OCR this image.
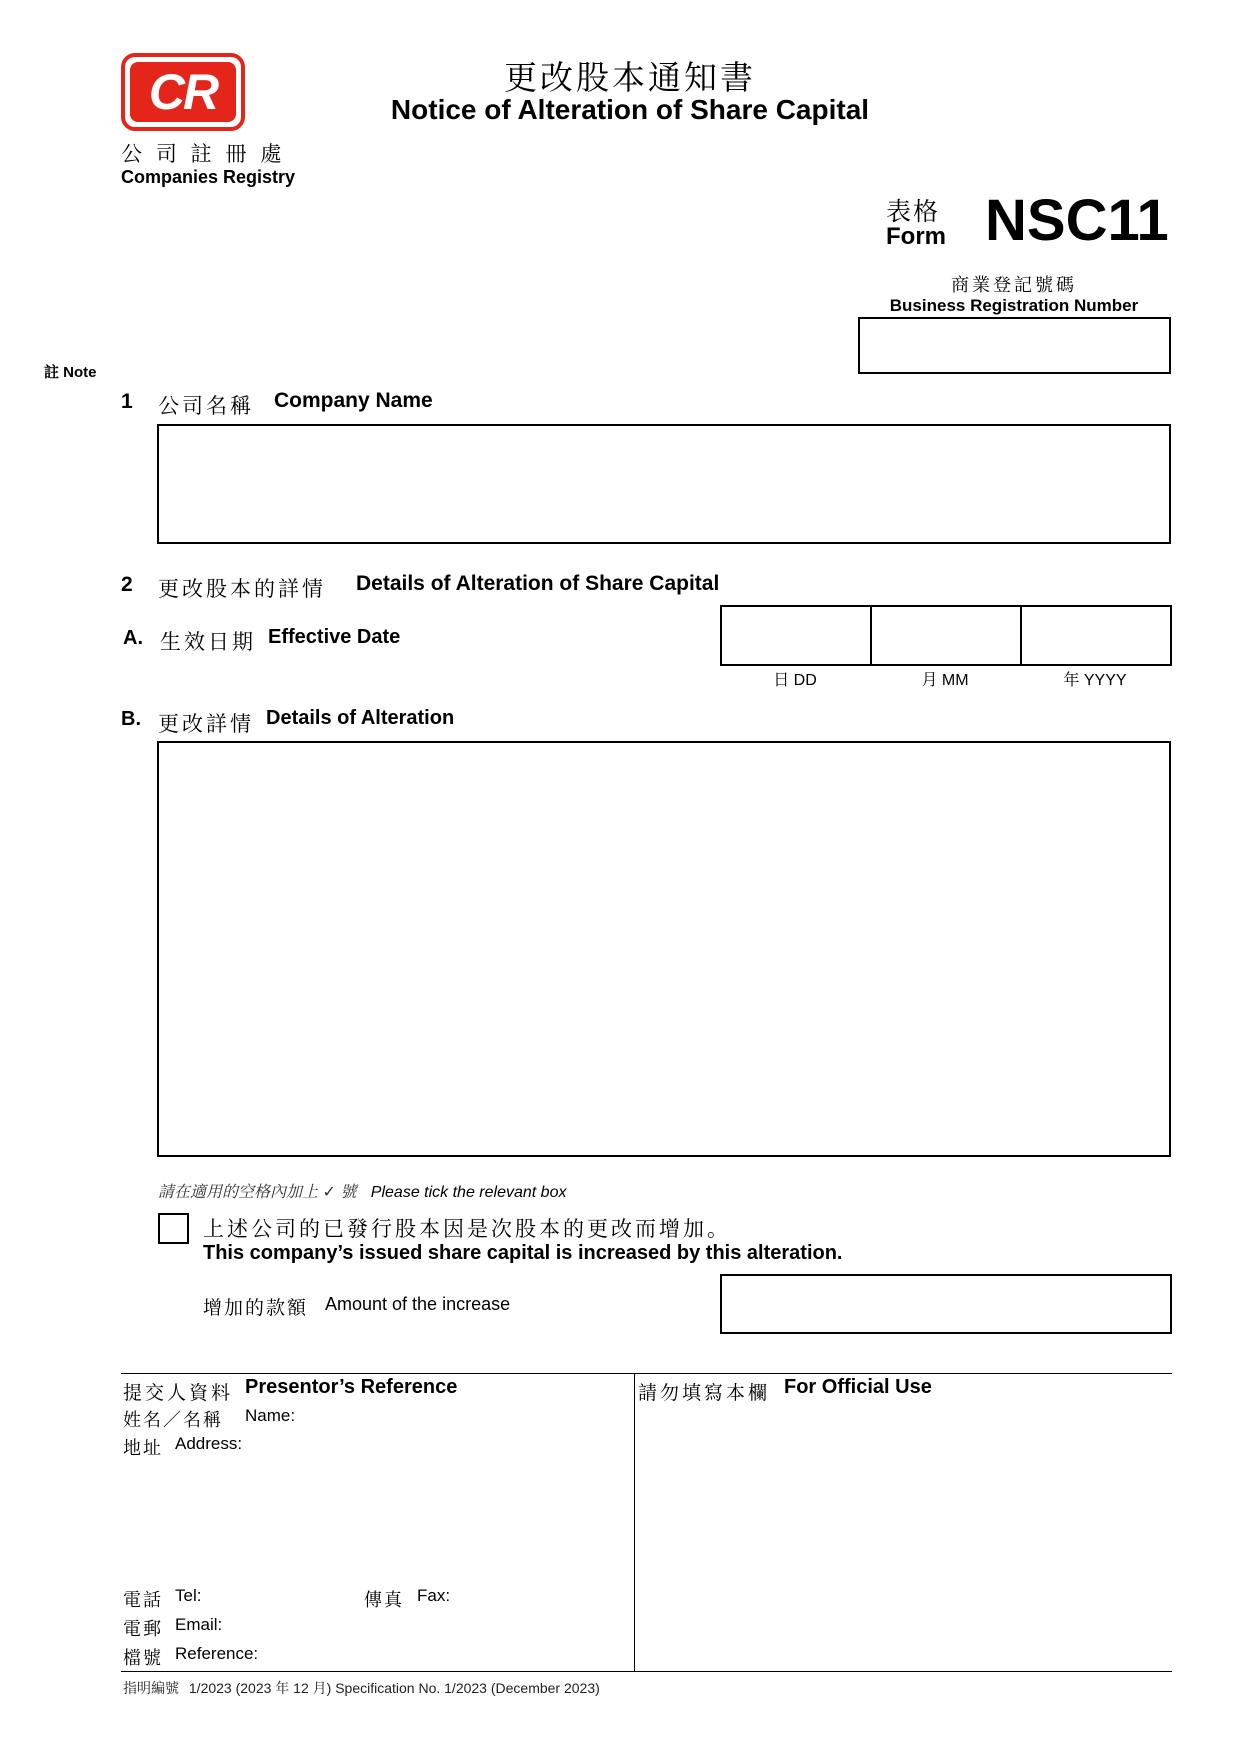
CR
公 司 註 冊 處
Companies Registry
更改股本通知書
Notice of Alteration of Share Capital
表格
Form NSC11
商業登記號碼
Business Registration Number
註 Note
1 公司名稱 Company Name
2 更改股本的詳情 Details of Alteration of Share Capital
A. 生效日期 Effective Date
日 DD	月 MM	年 YYYY
B. 更改詳情 Details of Alteration
請在適用的空格內加上 ✓ 號 Please tick the relevant box
上述公司的已發行股本因是次股本的更改而增加。
This company’s issued share capital is increased by this alteration.
增加的款額 Amount of the increase
提交人資料 Presentor’s Reference
姓名／名稱 Name:
地址 Address:
電話 Tel:	傳真 Fax:
電郵 Email:
檔號 Reference:
請勿填寫本欄 For Official Use
指明編號 1/2023 (2023 年 12 月) Specification No. 1/2023 (December 2023)
